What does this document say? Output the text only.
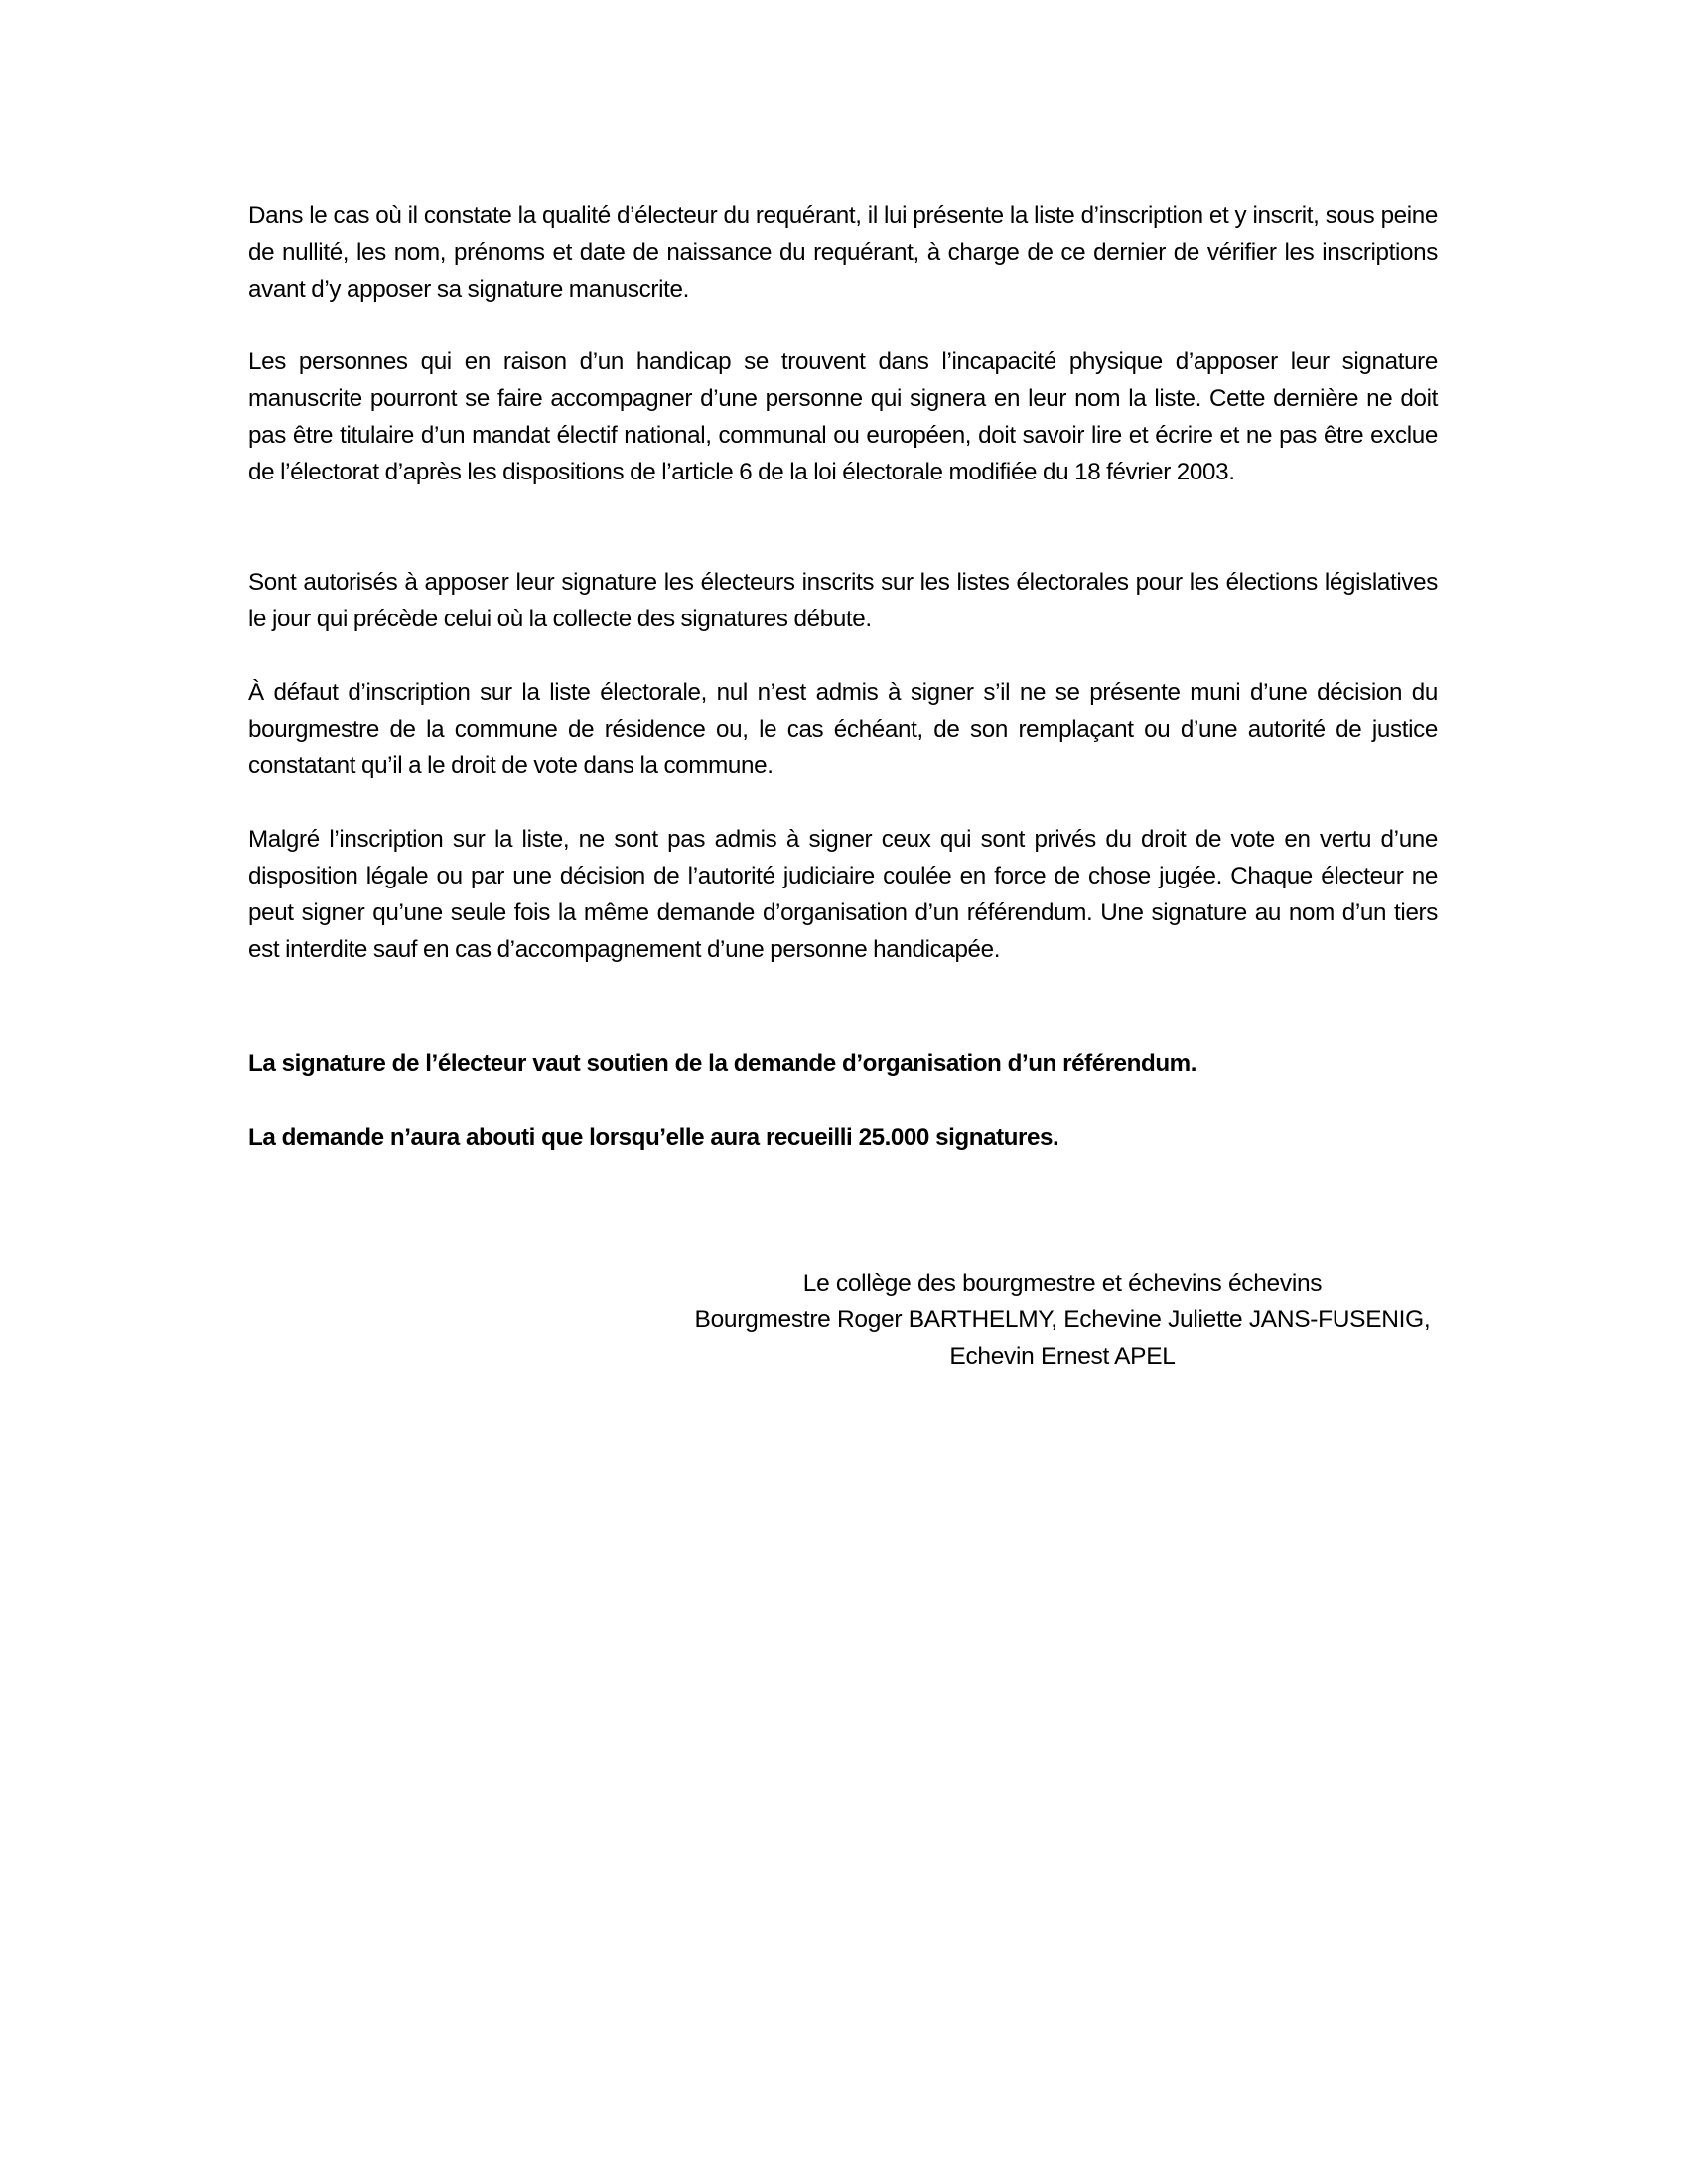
Dans le cas où il constate la qualité d’électeur du requérant, il lui présente la liste d’inscription et y inscrit, sous peine de nullité, les nom, prénoms et date de naissance du requérant, à charge de ce dernier de vérifier les inscriptions avant d’y apposer sa signature manuscrite.

Les personnes qui en raison d’un handicap se trouvent dans l’incapacité physique d’apposer leur signature manuscrite pourront se faire accompagner d’une personne qui signera en leur nom la liste. Cette dernière ne doit pas être titulaire d’un mandat électif national, communal ou européen, doit savoir lire et écrire et ne pas être exclue de l’électorat d’après les dispositions de l’article 6 de la loi électorale modifiée du 18 février 2003.

Sont autorisés à apposer leur signature les électeurs inscrits sur les listes électorales pour les élections législatives le jour qui précède celui où la collecte des signatures débute.

À défaut d’inscription sur la liste électorale, nul n’est admis à signer s’il ne se présente muni d’une décision du bourgmestre de la commune de résidence ou, le cas échéant, de son remplaçant ou d’une autorité de justice constatant qu’il a le droit de vote dans la commune.

Malgré l’inscription sur la liste, ne sont pas admis à signer ceux qui sont privés du droit de vote en vertu d’une disposition légale ou par une décision de l’autorité judiciaire coulée en force de chose jugée. Chaque électeur ne peut signer qu’une seule fois la même demande d’organisation d’un référendum. Une signature au nom d’un tiers est interdite sauf en cas d’accompagnement d’une personne handicapée.

La signature de l’électeur vaut soutien de la demande d’organisation d’un référendum.

La demande n’aura abouti que lorsqu’elle aura recueilli 25.000 signatures.

Le collège des bourgmestre et échevins échevins
Bourgmestre Roger BARTHELMY, Echevine Juliette JANS-FUSENIG,
Echevin Ernest APEL
